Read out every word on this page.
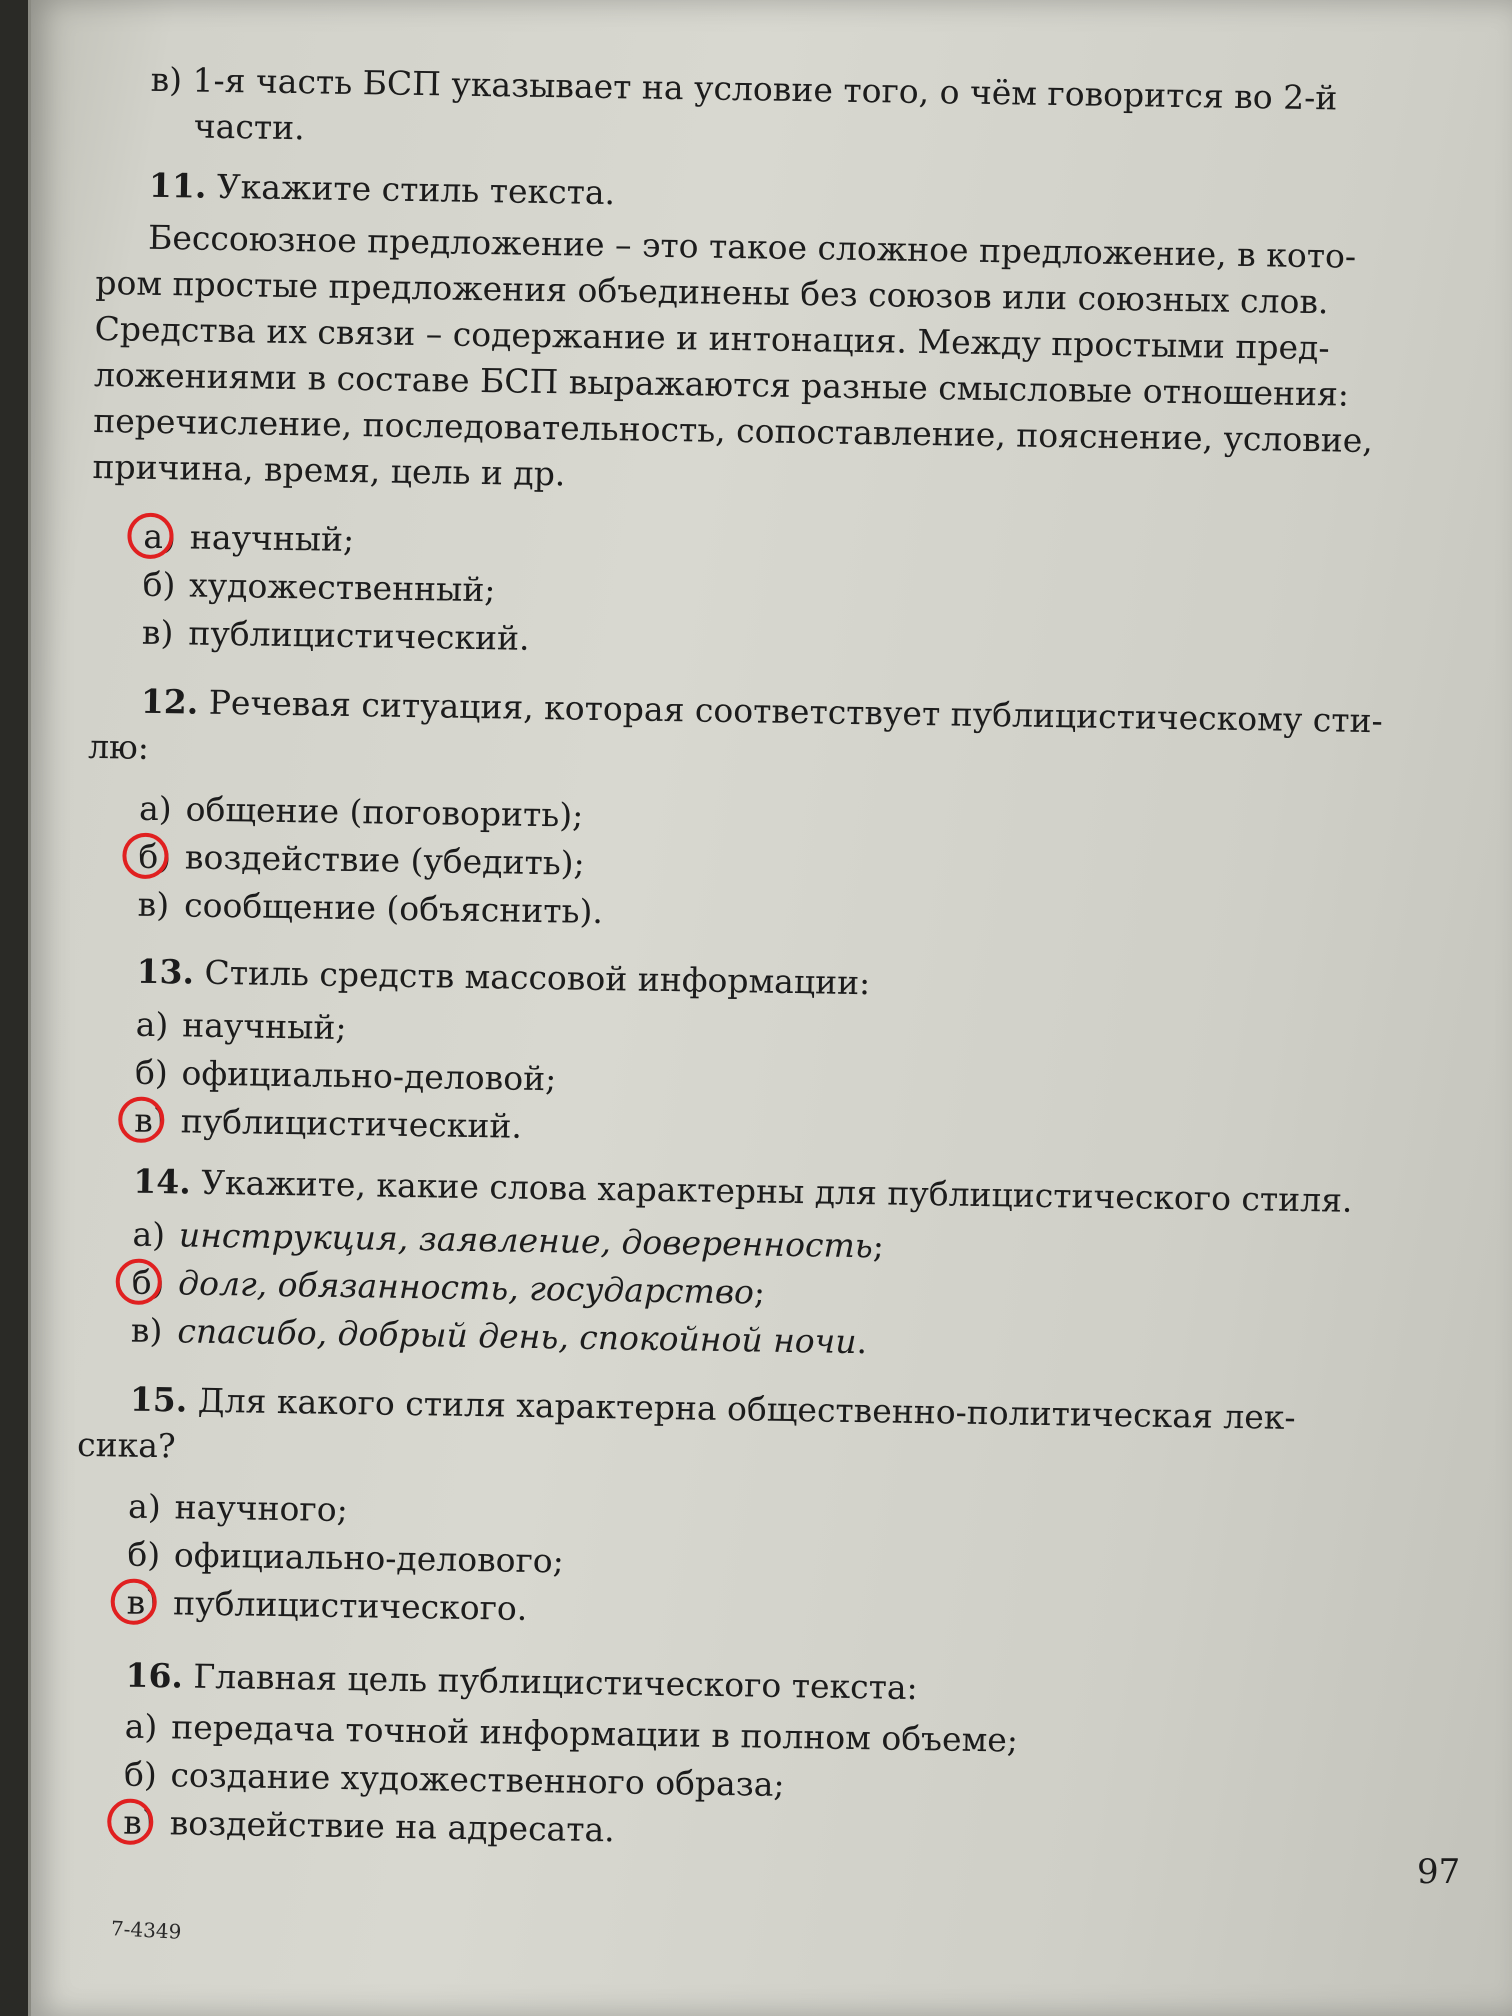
в) 1-я часть БСП указывает на условие того, о чём говорится во 2-й

части.

11. Укажите стиль текста.

Бессоюзное предложение – это такое сложное предложение, в кото-

ром простые предложения объединены без союзов или союзных слов.

Средства их связи – содержание и интонация. Между простыми пред-

ложениями в составе БСП выражаются разные смысловые отношения:

перечисление, последовательность, сопоставление, пояснение, условие,

причина, время, цель и др.

а) научный;
б) художественный;
в) публицистический.

12. Речевая ситуация, которая соответствует публицистическому сти-

лю:

а) общение (поговорить);
б) воздействие (убедить);
в) сообщение (объяснить).

13. Стиль средств массовой информации:

а) научный;
б) официально-деловой;
в) публицистический.

14. Укажите, какие слова характерны для публицистического стиля.

а) инструкция, заявление, доверенность;
б) долг, обязанность, государство;
в) спасибо, добрый день, спокойной ночи.

15. Для какого стиля характерна общественно-политическая лек-

сика?

а) научного;
б) официально-делового;
в) публицистического.

16. Главная цель публицистического текста:

а) передача точной информации в полном объеме;
б) создание художественного образа;
в) воздействие на адресата.
97
7-4349
